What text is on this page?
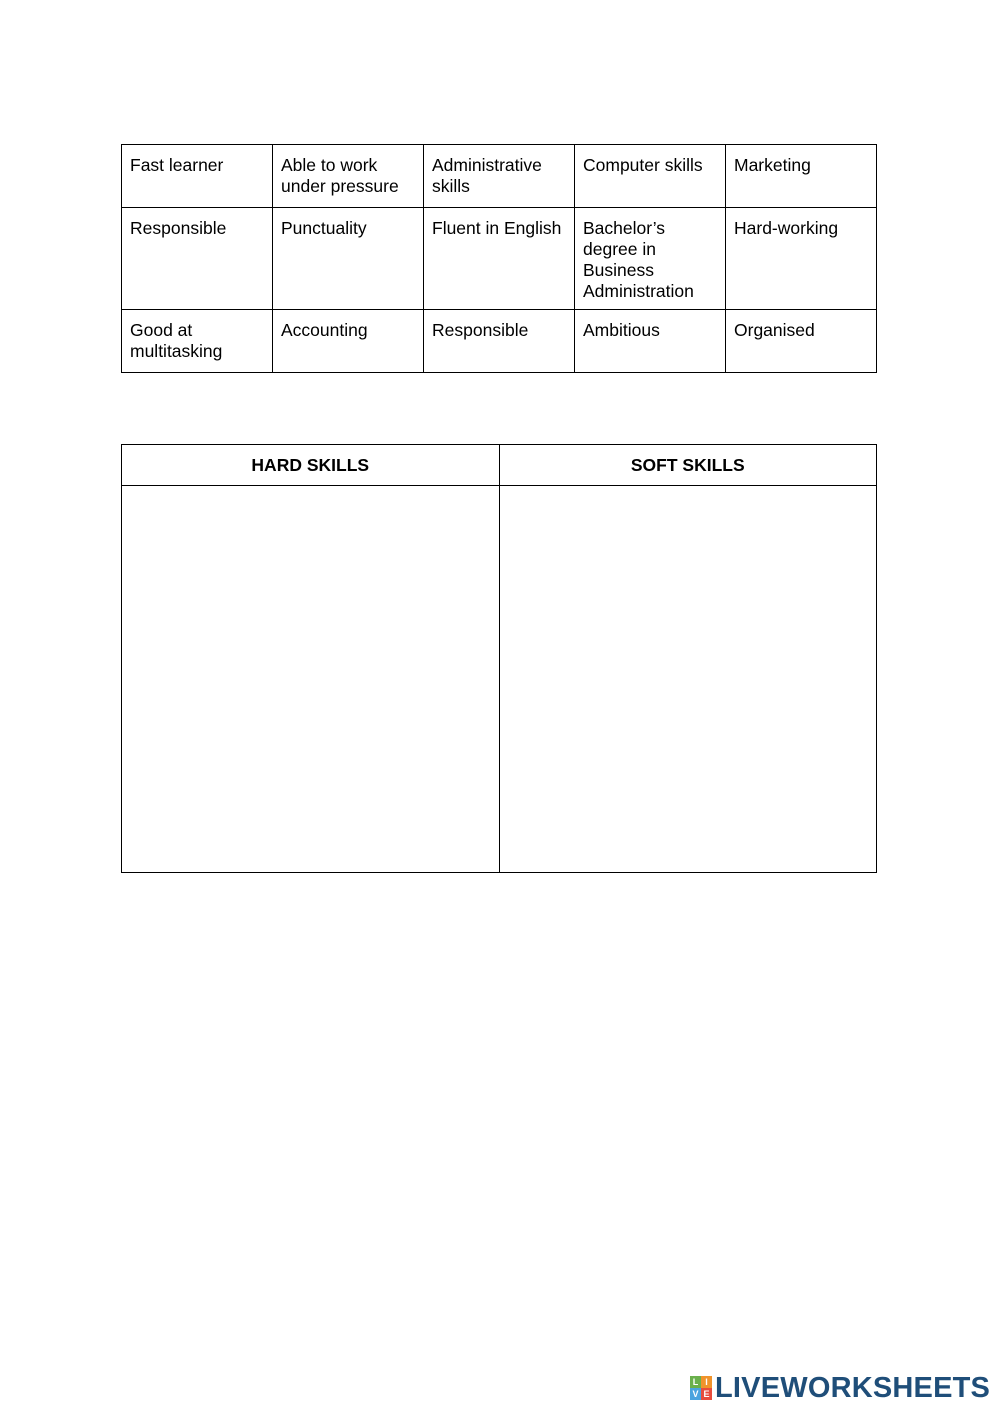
Fast learner	Able to work under pressure	Administrative skills	Computer skills	Marketing
Responsible	Punctuality	Fluent in English	Bachelor’s degree in Business Administration	Hard-working
Good at multitasking	Accounting	Responsible	Ambitious	Organised
HARD SKILLS	SOFT SKILLS

L I
V E LIVEWORKSHEETS
